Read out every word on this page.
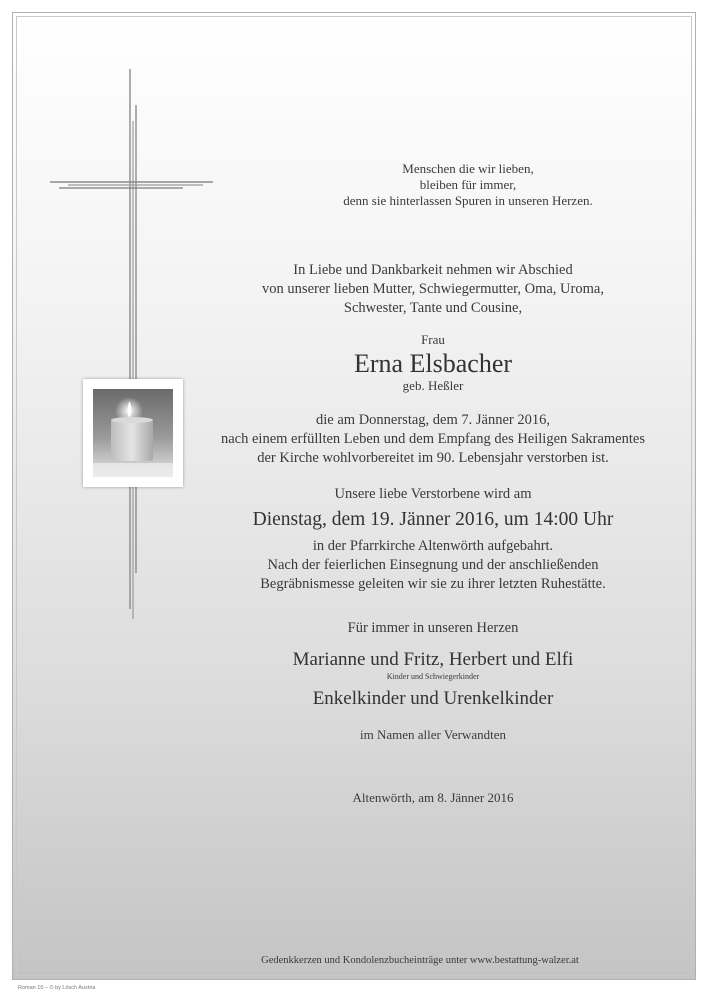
Menschen die wir lieben,

bleiben für immer,

denn sie hinterlassen Spuren in unseren Herzen.

In Liebe und Dankbarkeit nehmen wir Abschied

von unserer lieben Mutter, Schwiegermutter, Oma, Uroma,

Schwester, Tante und Cousine,

Frau

Erna Elsbacher

geb. Heßler

die am Donnerstag, dem 7. Jänner 2016,

nach einem erfüllten Leben und dem Empfang des Heiligen Sakramentes

der Kirche wohlvorbereitet im 90. Lebensjahr verstorben ist.

Unsere liebe Verstorbene wird am

Dienstag, dem 19. Jänner 2016, um 14:00 Uhr

in der Pfarrkirche Altenwörth aufgebahrt.

Nach der feierlichen Einsegnung und der anschließenden

Begräbnismesse geleiten wir sie zu ihrer letzten Ruhestätte.

Für immer in unseren Herzen

Marianne und Fritz, Herbert und Elfi

Kinder und Schwiegerkinder

Enkelkinder und Urenkelkinder

im Namen aller Verwandten

Altenwörth, am 8. Jänner 2016

Gedenkkerzen und Kondolenzbucheinträge unter www.bestattung-walzer.at
Roman 10 – © by Lösch Austria
